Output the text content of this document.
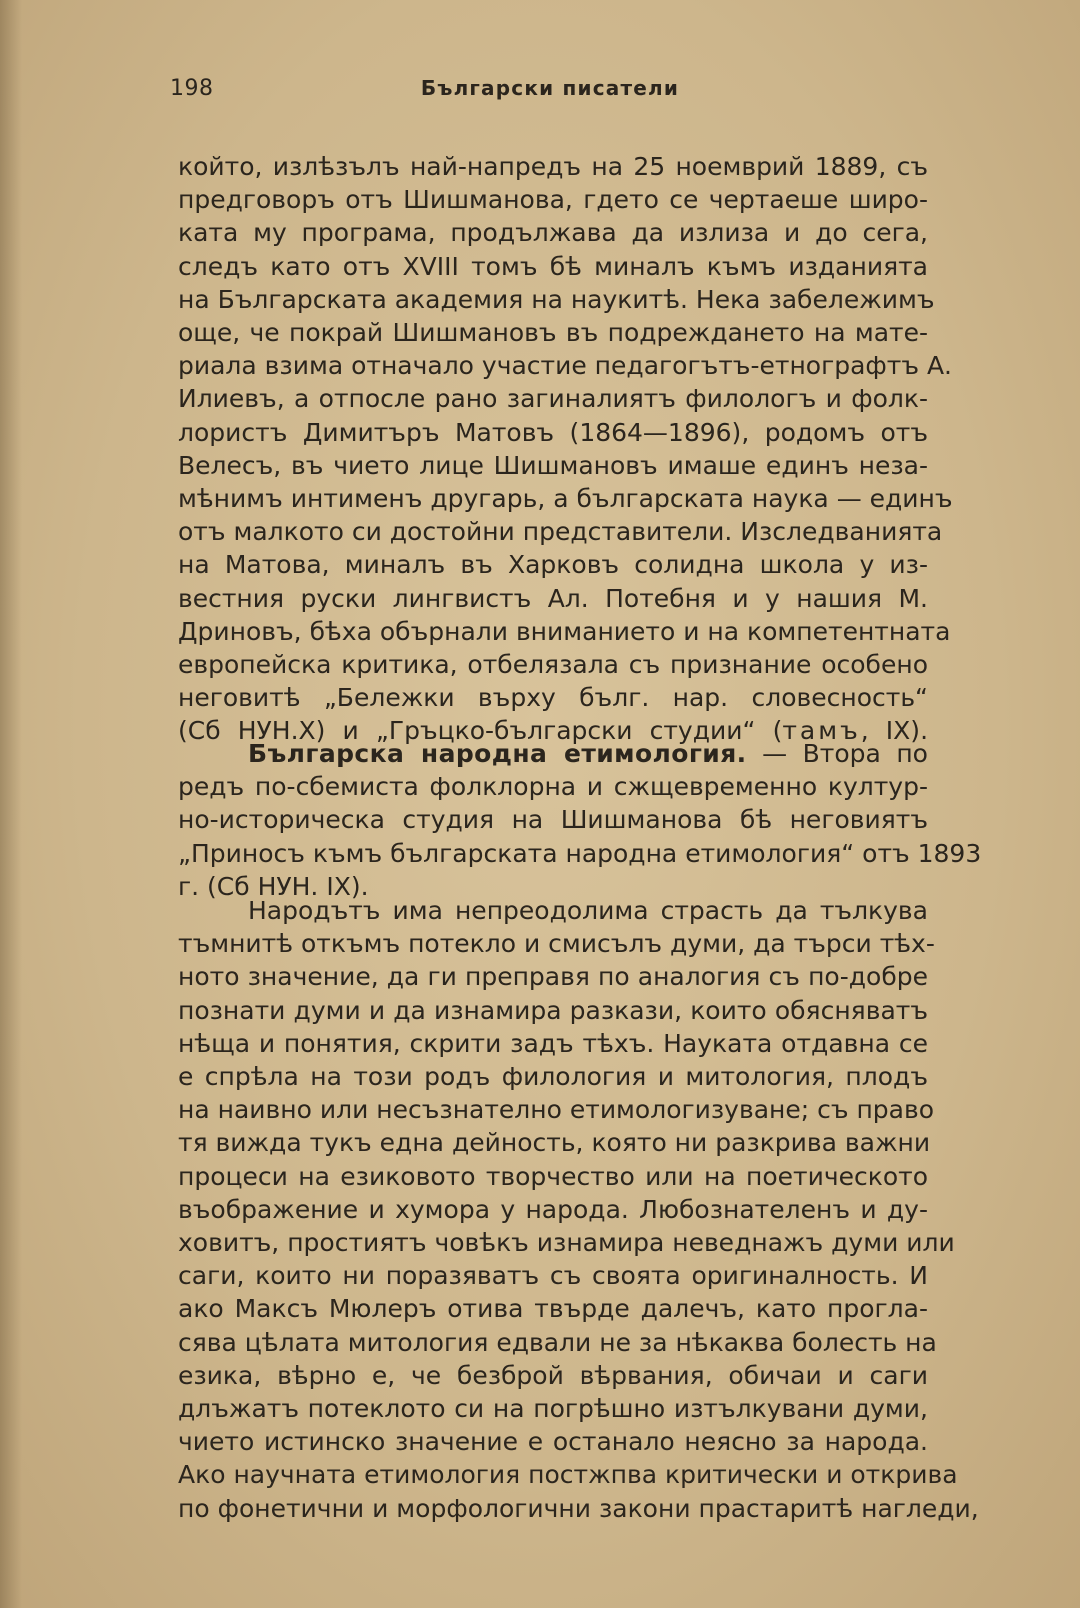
198	Български писатели
който, излѣзълъ най-напредъ на 25 ноемврий 1889, съ
предговоръ отъ Шишманова, гдето се чертаеше широ-
ката му програма, продължава да излиза и до сега,
следъ като отъ XVIII томъ бѣ миналъ къмъ изданията
на Българската академия на наукитѣ. Нека забележимъ
още, че покрай Шишмановъ въ подреждането на мате-
риала взима отначало участие педагогътъ-етнографтъ А.
Илиевъ, а отпосле рано загиналиятъ филологъ и фолк-
лористъ Димитъръ Матовъ (1864—1896), родомъ отъ
Велесъ, въ чието лице Шишмановъ имаше единъ неза-
мѣнимъ интименъ другарь, а българската наука — единъ
отъ малкото си достойни представители. Изследванията
на Матова, миналъ въ Харковъ солидна школа у из-
вестния руски лингвистъ Ал. Потебня и у нашия М.
Дриновъ, бѣха обърнали вниманието и на компетентната
европейска критика, отбелязала съ признание особено
неговитѣ „Бележки върху бълг. нар. словесность“
(Сб НУН.Х) и „Гръцко-български студии“ (тамъ, IX).
Българска народна етимология. — Втора по
редъ по-сбемиста фолклорна и сжщевременно култур-
но-историческа студия на Шишманова бѣ неговиятъ
„Приносъ къмъ българската народна етимология“ отъ 1893
г. (Сб НУН. IX).
Народътъ има непреодолима страсть да тълкува
тъмнитѣ откъмъ потекло и смисълъ думи, да търси тѣх-
ното значение, да ги преправя по аналогия съ по-добре
познати думи и да изнамира разкази, които обясняватъ
нѣща и понятия, скрити задъ тѣхъ. Науката отдавна се
е спрѣла на този родъ филология и митология, плодъ
на наивно или несъзнателно етимологизуване; съ право
тя вижда тукъ една дейность, която ни разкрива важни
процеси на езиковото творчество или на поетическото
въображение и хумора у народа. Любознателенъ и ду-
ховитъ, простиятъ човѣкъ изнамира неведнажъ думи или
саги, които ни поразяватъ съ своята оригиналность. И
ако Максъ Мюлеръ отива твърде далечъ, като прогла-
сява цѣлата митология едвали не за нѣкаква болесть на
езика, вѣрно е, че безброй вѣрвания, обичаи и саги
длъжатъ потеклото си на погрѣшно изтълкувани думи,
чието истинско значение е останало неясно за народа.
Ако научната етимология постжпва критически и открива
по фонетични и морфологични закони прастаритѣ нагледи,
